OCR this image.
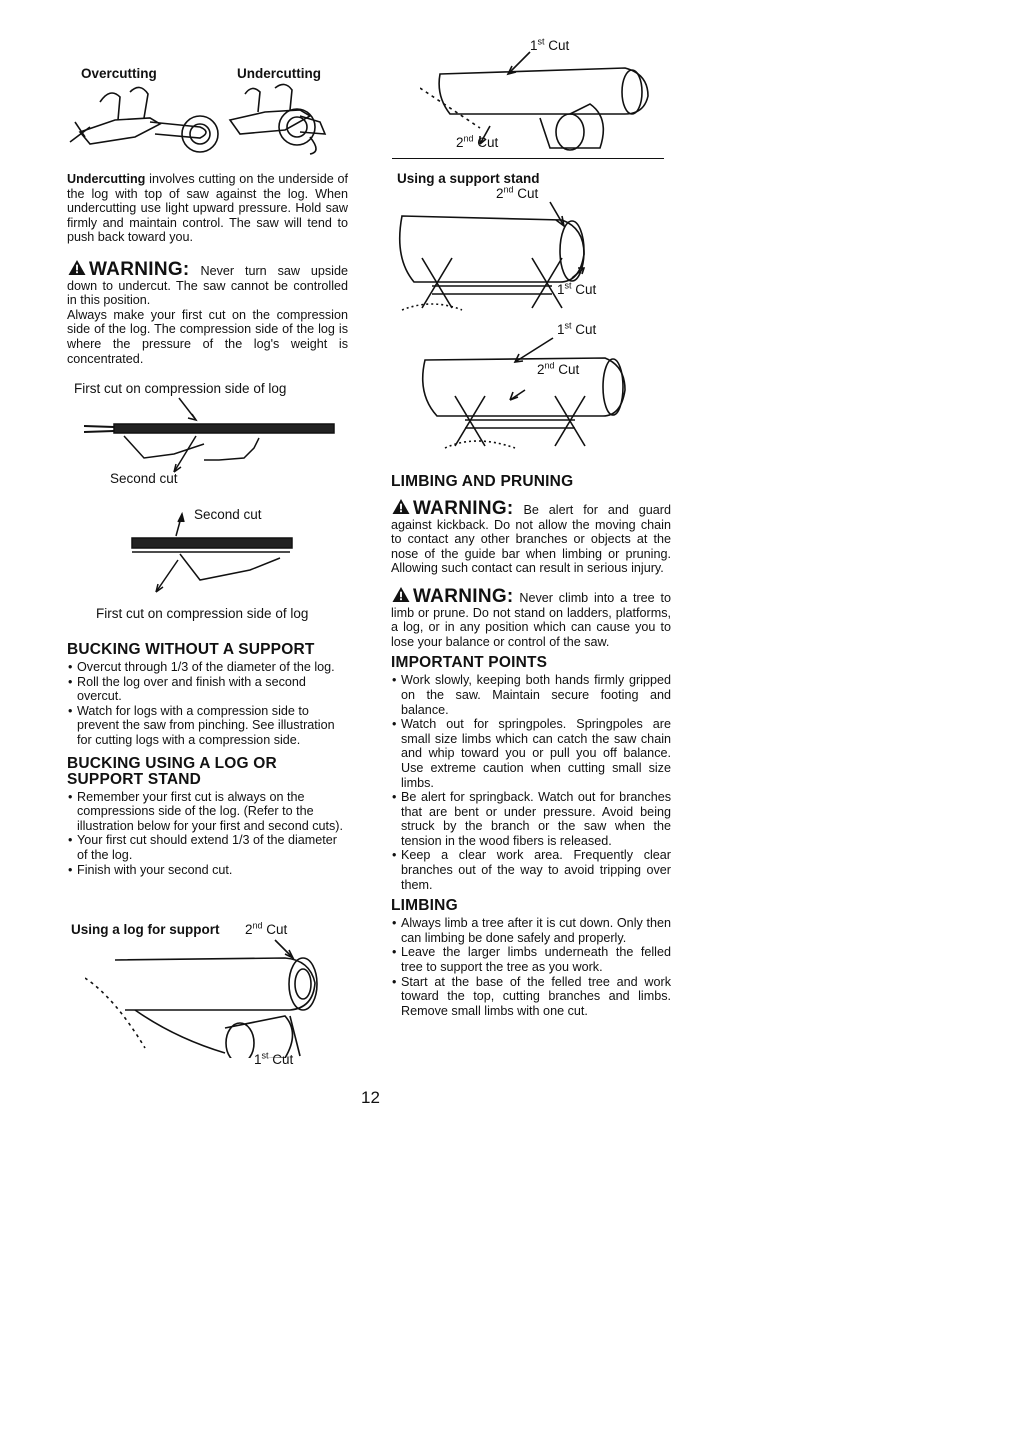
Overcutting	Undercutting
Undercutting involves cutting on the underside of the log with top of saw against the log. When undercutting use light upward pressure. Hold saw firmly and maintain control. The saw will tend to push back toward you.

WARNING: Never turn saw upside down to undercut. The saw cannot be controlled in this position.

Always make your first cut on the compression side of the log. The compression side of the log is where the pressure of the log's weight is concentrated.

First cut on compression side of log
Second cut
Second cut
First cut on compression side of log
BUCKING WITHOUT A SUPPORT
• Overcut through 1/3 of the diameter of the log.
• Roll the log over and finish with a second overcut.
• Watch for logs with a compression side to prevent the saw from pinching. See illustration for cutting logs with a compression side.
BUCKING USING A LOG OR
SUPPORT STAND
• Remember your first cut is always on the compressions side of the log. (Refer to the illustration below for your first and second cuts).
• Your first cut should extend 1/3 of the diameter of the log.
• Finish with your second cut.
Using a log for support 2nd Cut
1st Cut
1st Cut
2nd Cut
Using a support stand
2nd Cut
1st Cut
1st Cut
2nd Cut
LIMBING AND PRUNING

WARNING: Be alert for and guard against kickback. Do not allow the moving chain to contact any other branches or objects at the nose of the guide bar when limbing or pruning. Allowing such contact can result in serious injury.

WARNING: Never climb into a tree to limb or prune. Do not stand on ladders, platforms, a log, or in any position which can cause you to lose your balance or control of the saw.

IMPORTANT POINTS
• Work slowly, keeping both hands firmly gripped on the saw. Maintain secure footing and balance.
• Watch out for springpoles. Springpoles are small size limbs which can catch the saw chain and whip toward you or pull you off balance. Use extreme caution when cutting small size limbs.
• Be alert for springback. Watch out for branches that are bent or under pressure. Avoid being struck by the branch or the saw when the tension in the wood fibers is released.
• Keep a clear work area. Frequently clear branches out of the way to avoid tripping over them.
LIMBING
• Always limb a tree after it is cut down. Only then can limbing be done safely and properly.
• Leave the larger limbs underneath the felled tree to support the tree as you work.
• Start at the base of the felled tree and work toward the top, cutting branches and limbs. Remove small limbs with one cut.
12
